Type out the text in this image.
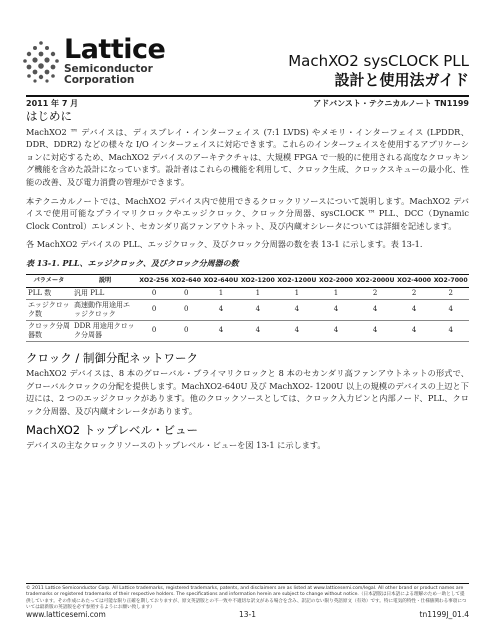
Lattice
Semiconductor
Corporation
MachXO2 sysCLOCK PLL
設計と使用法ガイド
2011 年 7 月	アドバンスト・テクニカルノート TN1199
はじめに

MachXO2 ™ デバイスは、ディスプレイ・インターフェイス (7:1 LVDS) やメモリ・インターフェイス (LPDDR、DDR、DDR2) などの様々な I/O インターフェイスに対応できます。これらのインターフェイスを使用するアプリケーションに対応するため、MachXO2 デバイスのアーキテクチャは、大規模 FPGA で一般的に使用される高度なクロッキング機能を含めた設計になっています。設計者はこれらの機能を利用して、クロック生成、クロックスキューの最小化、性能の改善、及び電力消費の管理ができます。

本テクニカルノートでは、MachXO2 デバイス内で使用できるクロックリソースについて説明します。MachXO2 デバイスで使用可能なプライマリクロックやエッジクロック、クロック分周器、sysCLOCK ™ PLL、DCC（Dynamic Clock Control）エレメント、セカンダリ高ファンアウトネット、及び内蔵オシレータについては詳細を記述します。

各 MachXO2 デバイスの PLL、エッジクロック、及びクロック分周器の数を表 13-1 に示します。表 13-1.

表 13-1. PLL、エッジクロック、及びクロック分周器の数
パラメータ	説明	XO2-256	XO2-640	XO2-640U	XO2-1200	XO2-1200U	XO2-2000	XO2-2000U	XO2-4000	XO2-7000
PLL 数	汎用 PLL	0	0	1	1	1	1	2	2	2
エッジクロック数	高速動作用途用エッジクロック	0	0	4	4	4	4	4	4	4
クロック分周器数	DDR 用途用クロック分周器	0	0	4	4	4	4	4	4	4
クロック / 制御分配ネットワーク

MachXO2 デバイスは、8 本のグローバル・プライマリクロックと 8 本のセカンダリ高ファンアウトネットの形式で、グローバルクロックの分配を提供します。MachXO2-640U 及び MachXO2- 1200U 以上の規模のデバイスの上辺と下辺には、2 つのエッジクロックがあります。他のクロックソースとしては、クロック入力ピンと内部ノード、PLL、クロック分周器、及び内蔵オシレータがあります。

MachXO2 トップレベル・ビュー

デバイスの主なクロックリソースのトップレベル・ビューを図 13-1 に示します。

© 2011 Lattice Semiconductor Corp. All Lattice trademarks, registered trademarks, patents, and disclaimers are as listed at www.latticesemi.com/legal. All other brand or product names are trademarks or registered trademarks of their respective holders. The specifications and information herein are subject to change without notice.（日本語版は日本語による理解のため一助として提供しています。その作成にあたっては可能な限り正確を期しておりますが、原文英語版との不一致や不適切な訳文がある場合を含み、訳記のない限り英語原文（有効）です。特に電気的特性・仕様値関わる事項については最新版の英語版を必ず参照するようにお願い致します）
www.latticesemi.com	13-1	tn1199J_01.4
